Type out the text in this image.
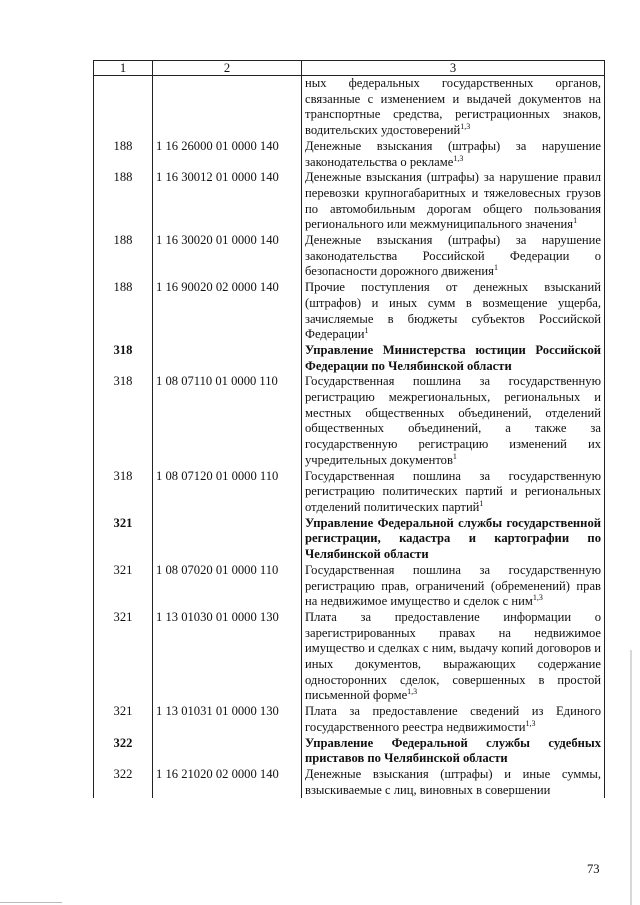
1	2	3
		ных федеральных государственных органов, связанные с изменением и выдачей документов на транспортные средства, регистрационных знаков, водительских удостоверений$^{1,3}$
188	1 16 26000 01 0000 140	Денежные взыскания (штрафы) за нарушение законодательства о рекламе$^{1,3}$
188	1 16 30012 01 0000 140	Денежные взыскания (штрафы) за нарушение правил перевозки крупногабаритных и тяжеловесных грузов по автомобильным дорогам общего пользования регионального или межмуниципального значения$^1$
188	1 16 30020 01 0000 140	Денежные взыскания (штрафы) за нарушение законодательства Российской Федерации о безопасности дорожного движения$^1$
188	1 16 90020 02 0000 140	Прочие поступления от денежных взысканий (штрафов) и иных сумм в возмещение ущерба, зачисляемые в бюджеты субъектов Российской Федерации$^1$
318		Управление Министерства юстиции Российской Федерации по Челябинской области
318	1 08 07110 01 0000 110	Государственная пошлина за государственную регистрацию межрегиональных, региональных и местных общественных объединений, отделений общественных объединений, а также за государственную регистрацию изменений их учредительных документов$^1$
318	1 08 07120 01 0000 110	Государственная пошлина за государственную регистрацию политических партий и региональных отделений политических партий$^1$
321		Управление Федеральной службы государственной регистрации, кадастра и картографии по Челябинской области
321	1 08 07020 01 0000 110	Государственная пошлина за государственную регистрацию прав, ограничений (обременений) прав на недвижимое имущество и сделок с ним$^{1,3}$
321	1 13 01030 01 0000 130	Плата за предоставление информации о зарегистрированных правах на недвижимое имущество и сделках с ним, выдачу копий договоров и иных документов, выражающих содержание односторонних сделок, совершенных в простой письменной форме$^{1,3}$
321	1 13 01031 01 0000 130	Плата за предоставление сведений из Единого государственного реестра недвижимости$^{1,3}$
322		Управление Федеральной службы судебных приставов по Челябинской области
322	1 16 21020 02 0000 140	Денежные взыскания (штрафы) и иные суммы, взыскиваемые с лиц, виновных в совершении
73
